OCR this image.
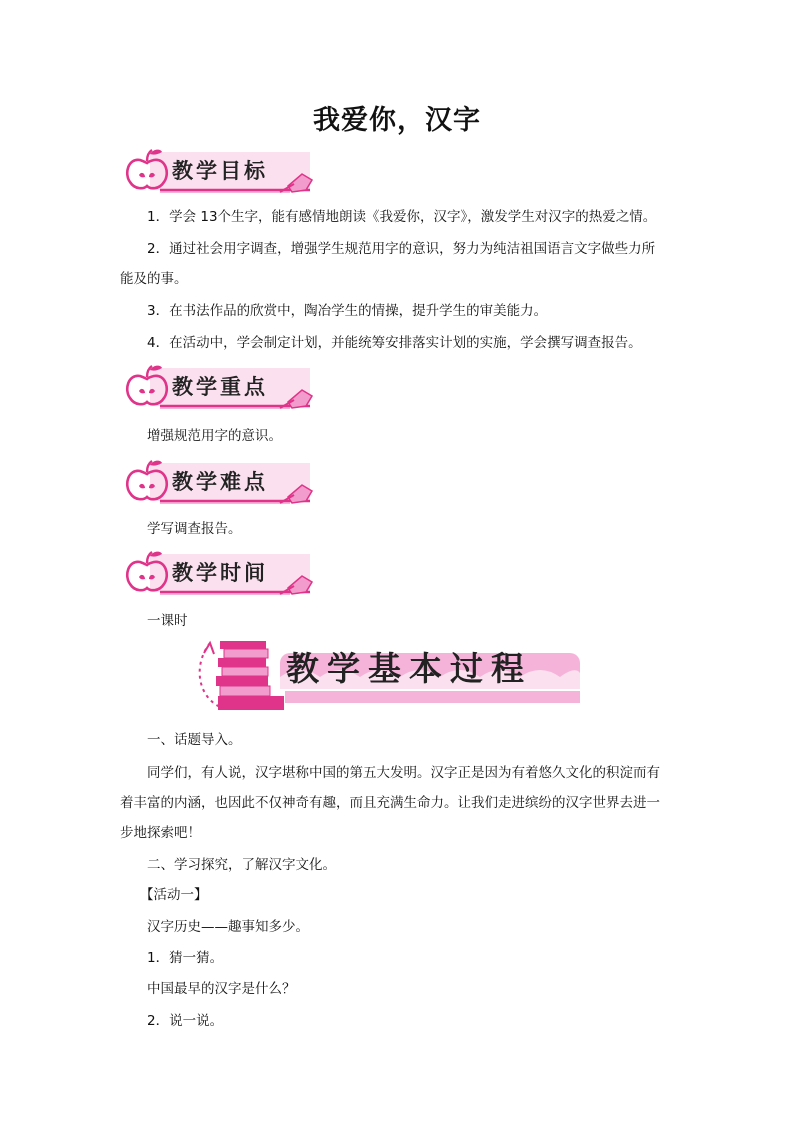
我爱你，汉字
教学目标
1．学会 13个生字，能有感情地朗读《我爱你，汉字》，激发学生对汉字的热爱之情。
2．通过社会用字调查，增强学生规范用字的意识，努力为纯洁祖国语言文字做些力所
能及的事。
3．在书法作品的欣赏中，陶冶学生的情操，提升学生的审美能力。
4．在活动中，学会制定计划，并能统筹安排落实计划的实施，学会撰写调查报告。
教学重点
增强规范用字的意识。
教学难点
学写调查报告。
教学时间
一课时
教学基本过程
一、话题导入。
同学们，有人说，汉字堪称中国的第五大发明。汉字正是因为有着悠久文化的积淀而有
着丰富的内涵，也因此不仅神奇有趣，而且充满生命力。让我们走进缤纷的汉字世界去进一
步地探索吧！
二、学习探究，了解汉字文化。
【活动一】
汉字历史——趣事知多少。
1．猜一猜。
中国最早的汉字是什么？
2．说一说。
